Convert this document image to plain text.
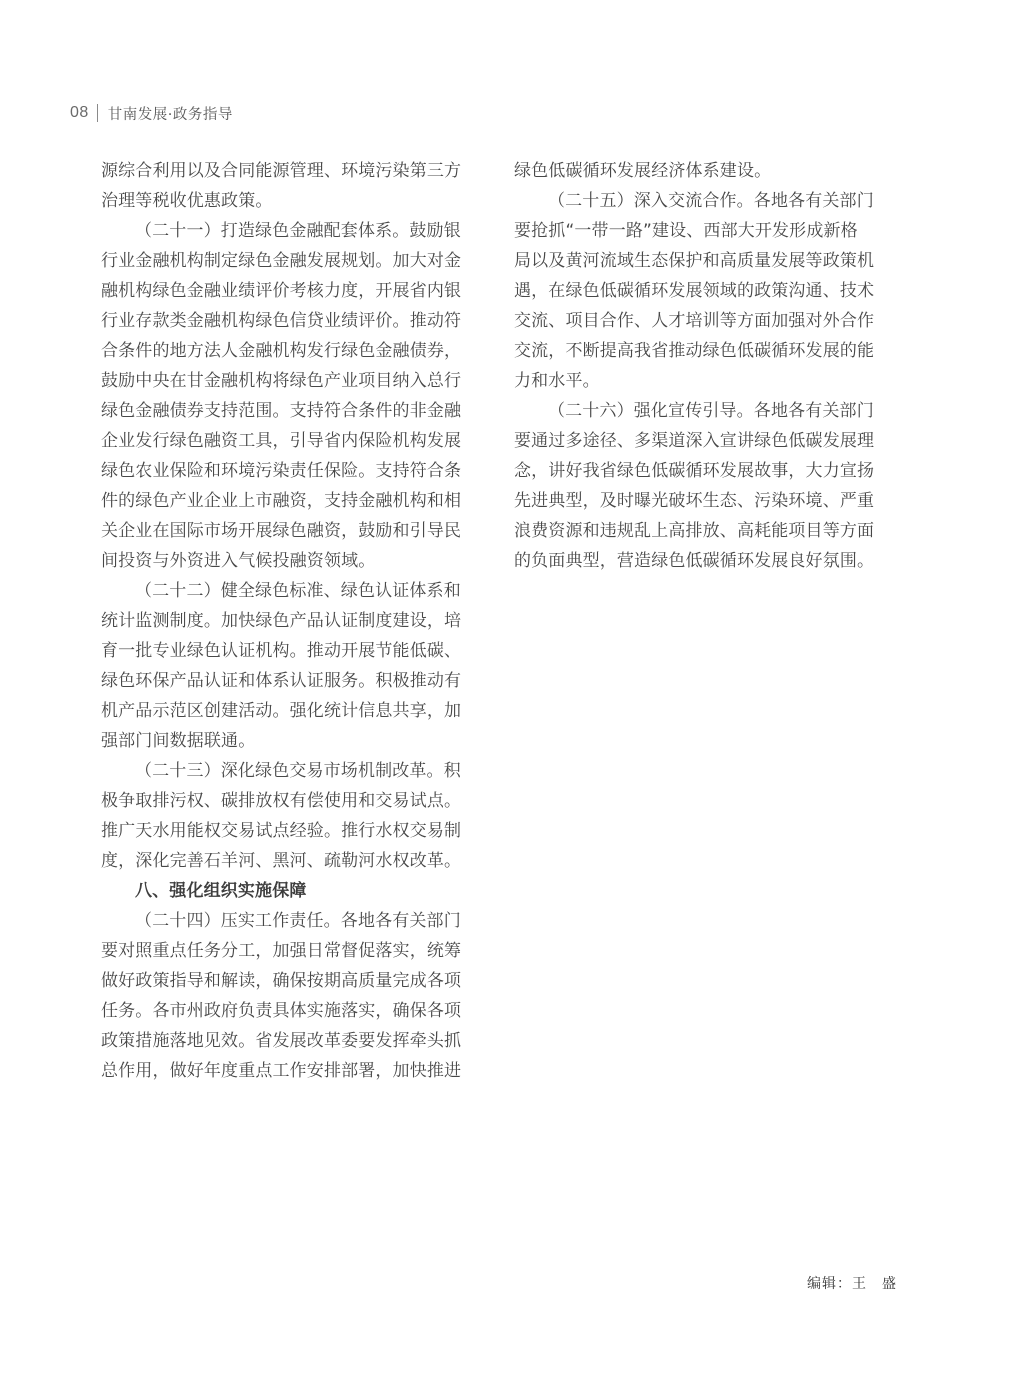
08 甘南发展·政务指导
源综合利用以及合同能源管理、环境污染第三方
治理等税收优惠政策。
（二十一）打造绿色金融配套体系。鼓励银
行业金融机构制定绿色金融发展规划。加大对金
融机构绿色金融业绩评价考核力度，开展省内银
行业存款类金融机构绿色信贷业绩评价。推动符
合条件的地方法人金融机构发行绿色金融债券，
鼓励中央在甘金融机构将绿色产业项目纳入总行
绿色金融债券支持范围。支持符合条件的非金融
企业发行绿色融资工具，引导省内保险机构发展
绿色农业保险和环境污染责任保险。支持符合条
件的绿色产业企业上市融资，支持金融机构和相
关企业在国际市场开展绿色融资，鼓励和引导民
间投资与外资进入气候投融资领域。
（二十二）健全绿色标准、绿色认证体系和
统计监测制度。加快绿色产品认证制度建设，培
育一批专业绿色认证机构。推动开展节能低碳、
绿色环保产品认证和体系认证服务。积极推动有
机产品示范区创建活动。强化统计信息共享，加
强部门间数据联通。
（二十三）深化绿色交易市场机制改革。积
极争取排污权、碳排放权有偿使用和交易试点。
推广天水用能权交易试点经验。推行水权交易制
度，深化完善石羊河、黑河、疏勒河水权改革。
八、强化组织实施保障
（二十四）压实工作责任。各地各有关部门
要对照重点任务分工，加强日常督促落实，统筹
做好政策指导和解读，确保按期高质量完成各项
任务。各市州政府负责具体实施落实，确保各项
政策措施落地见效。省发展改革委要发挥牵头抓
总作用，做好年度重点工作安排部署，加快推进
绿色低碳循环发展经济体系建设。
（二十五）深入交流合作。各地各有关部门
要抢抓“一带一路”建设、西部大开发形成新格
局以及黄河流域生态保护和高质量发展等政策机
遇，在绿色低碳循环发展领域的政策沟通、技术
交流、项目合作、人才培训等方面加强对外合作
交流，不断提高我省推动绿色低碳循环发展的能
力和水平。
（二十六）强化宣传引导。各地各有关部门
要通过多途径、多渠道深入宣讲绿色低碳发展理
念，讲好我省绿色低碳循环发展故事，大力宣扬
先进典型，及时曝光破坏生态、污染环境、严重
浪费资源和违规乱上高排放、高耗能项目等方面
的负面典型，营造绿色低碳循环发展良好氛围。
编辑：王　盛
